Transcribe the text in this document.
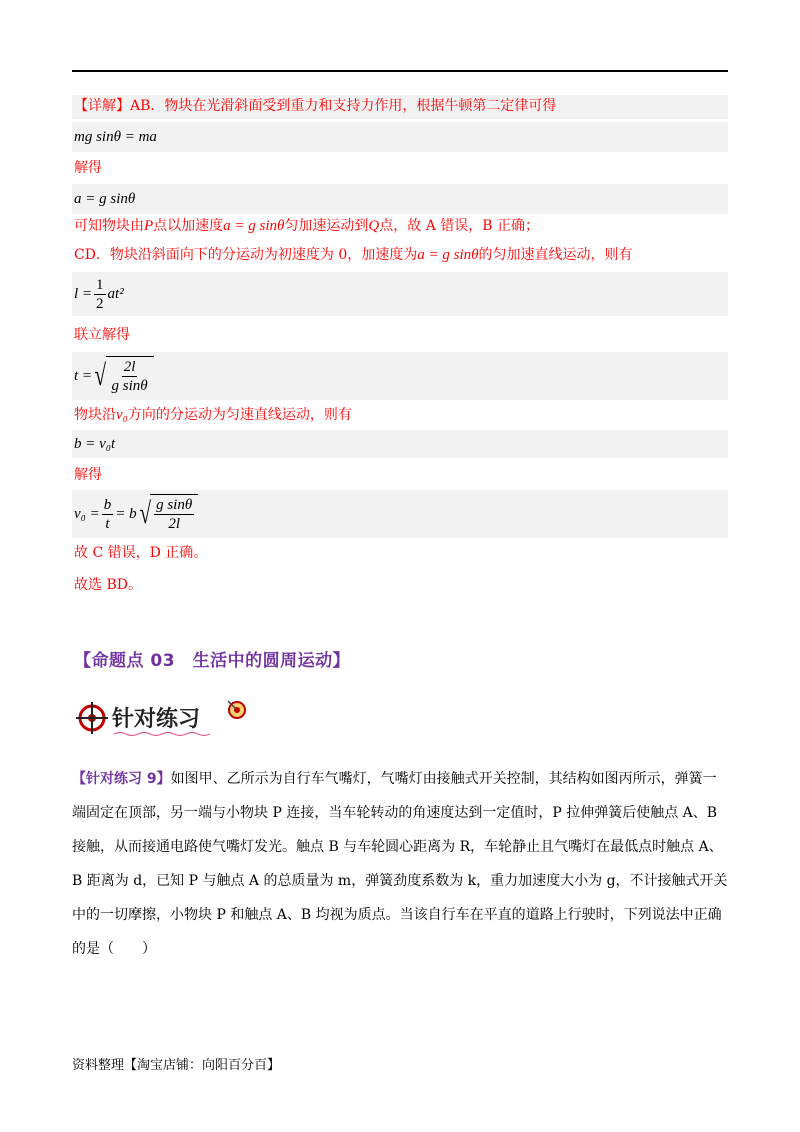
【详解】AB．物块在光滑斜面受到重力和支持力作用，根据牛顿第二定律可得
mg sinθ = ma
解得
a = g sinθ
可知物块由P点以加速度a = g sinθ匀加速运动到Q点，故 A 错误，B 正确；
CD．物块沿斜面向下的分运动为初速度为 0，加速度为a = g sinθ的匀加速直线运动，则有
$l = \frac{1}{2} at^2$
联立解得
t = √ $\frac{2l}{\text{g sinθ}}$
物块沿v₀方向的分运动为匀速直线运动，则有
b = v₀t
解得
$v_0 = \frac{b}{t} = b$ √ $\frac{\text{g sinθ}}{2l}$
故 C 错误，D 正确。
故选 BD。
【命题点 03　生活中的圆周运动】
针对练习
【针对练习 9】如图甲、乙所示为自行车气嘴灯，气嘴灯由接触式开关控制，其结构如图丙所示，弹簧一端固定在顶部，另一端与小物块 P 连接，当车轮转动的角速度达到一定值时，P 拉伸弹簧后使触点 A、B 接触，从而接通电路使气嘴灯发光。触点 B 与车轮圆心距离为 R，车轮静止且气嘴灯在最低点时触点 A、B 距离为 d，已知 P 与触点 A 的总质量为 m，弹簧劲度系数为 k，重力加速度大小为 g，不计接触式开关中的一切摩擦，小物块 P 和触点 A、B 均视为质点。当该自行车在平直的道路上行驶时，下列说法中正确的是（　　）
资料整理【淘宝店铺：向阳百分百】
